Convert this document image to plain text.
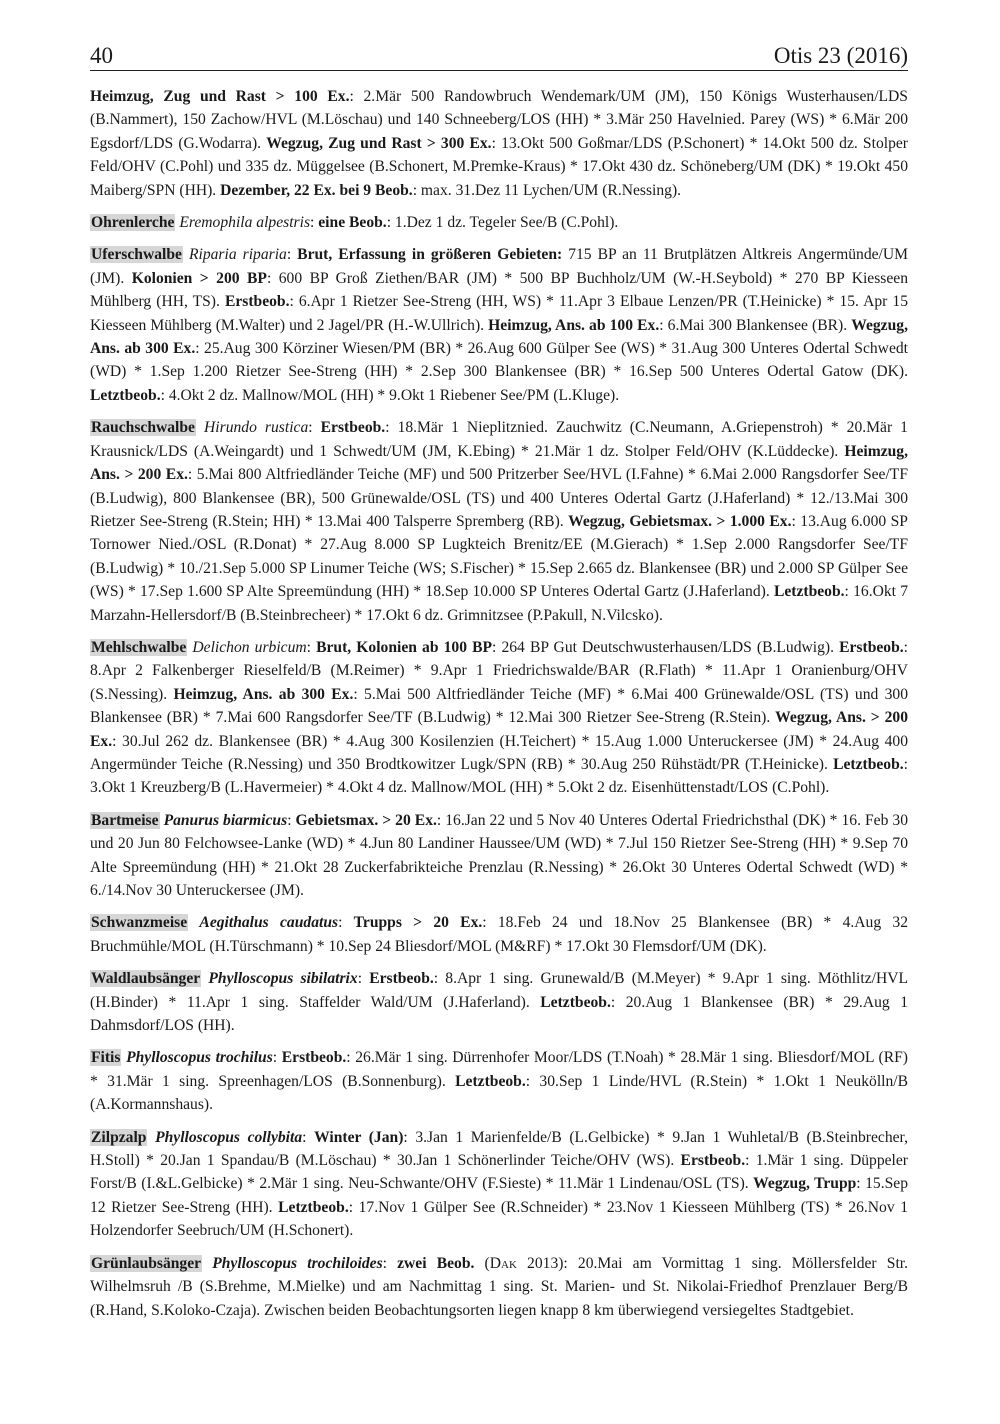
40	Otis 23 (2016)

Heimzug, Zug und Rast > 100 Ex.: 2.Mär 500 Randowbruch Wendemark/UM (JM), 150 Königs Wusterhausen/LDS (B.Nammert), 150 Zachow/HVL (M.Löschau) und 140 Schneeberg/LOS (HH) * 3.Mär 250 Havelnied. Parey (WS) * 6.Mär 200 Egsdorf/LDS (G.Wodarra). Wegzug, Zug und Rast > 300 Ex.: 13.Okt 500 Goßmar/LDS (P.Schonert) * 14.Okt 500 dz. Stolper Feld/OHV (C.Pohl) und 335 dz. Müggelsee (B.Schonert, M.Premke-Kraus) * 17.Okt 430 dz. Schöneberg/UM (DK) * 19.Okt 450 Maiberg/SPN (HH). Dezember, 22 Ex. bei 9 Beob.: max. 31.Dez 11 Lychen/UM (R.Nessing).

Ohrenlerche Eremophila alpestris: eine Beob.: 1.Dez 1 dz. Tegeler See/B (C.Pohl).

Uferschwalbe Riparia riparia: Brut, Erfassung in größeren Gebieten: 715 BP an 11 Brutplätzen Altkreis Angermünde/UM (JM). Kolonien > 200 BP: 600 BP Groß Ziethen/BAR (JM) * 500 BP Buchholz/UM (W.-H.Seybold) * 270 BP Kiesseen Mühlberg (HH, TS). Erstbeob.: 6.Apr 1 Rietzer See-Streng (HH, WS) * 11.Apr 3 Elbaue Lenzen/PR (T.Heinicke) * 15. Apr 15 Kiesseen Mühlberg (M.Walter) und 2 Jagel/PR (H.-W.Ullrich). Heimzug, Ans. ab 100 Ex.: 6.Mai 300 Blankensee (BR). Wegzug, Ans. ab 300 Ex.: 25.Aug 300 Körziner Wiesen/PM (BR) * 26.Aug 600 Gülper See (WS) * 31.Aug 300 Unteres Odertal Schwedt (WD) * 1.Sep 1.200 Rietzer See-Streng (HH) * 2.Sep 300 Blankensee (BR) * 16.Sep 500 Unteres Odertal Gatow (DK). Letztbeob.: 4.Okt 2 dz. Mallnow/MOL (HH) * 9.Okt 1 Riebener See/PM (L.Kluge).

Rauchschwalbe Hirundo rustica: Erstbeob.: 18.Mär 1 Nieplitznied. Zauchwitz (C.Neumann, A.Griepenstroh) * 20.Mär 1 Krausnick/LDS (A.Weingardt) und 1 Schwedt/UM (JM, K.Ebing) * 21.Mär 1 dz. Stolper Feld/OHV (K.Lüddecke). Heimzug, Ans. > 200 Ex.: 5.Mai 800 Altfriedländer Teiche (MF) und 500 Pritzerber See/HVL (I.Fahne) * 6.Mai 2.000 Rangsdorfer See/TF (B.Ludwig), 800 Blankensee (BR), 500 Grünewalde/OSL (TS) und 400 Unteres Odertal Gartz (J.Haferland) * 12./13.Mai 300 Rietzer See-Streng (R.Stein; HH) * 13.Mai 400 Talsperre Spremberg (RB). Wegzug, Gebietsmax. > 1.000 Ex.: 13.Aug 6.000 SP Tornower Nied./OSL (R.Donat) * 27.Aug 8.000 SP Lugkteich Brenitz/EE (M.Gierach) * 1.Sep 2.000 Rangsdorfer See/TF (B.Ludwig) * 10./21.Sep 5.000 SP Linumer Teiche (WS; S.Fischer) * 15.Sep 2.665 dz. Blankensee (BR) und 2.000 SP Gülper See (WS) * 17.Sep 1.600 SP Alte Spreemündung (HH) * 18.Sep 10.000 SP Unteres Odertal Gartz (J.Haferland). Letztbeob.: 16.Okt 7 Marzahn-Hellersdorf/B (B.Steinbrecheer) * 17.Okt 6 dz. Grimnitzsee (P.Pakull, N.Vilcsko).

Mehlschwalbe Delichon urbicum: Brut, Kolonien ab 100 BP: 264 BP Gut Deutschwusterhausen/LDS (B.Ludwig). Erstbeob.: 8.Apr 2 Falkenberger Rieselfeld/B (M.Reimer) * 9.Apr 1 Friedrichswalde/BAR (R.Flath) * 11.Apr 1 Oranienburg/OHV (S.Nessing). Heimzug, Ans. ab 300 Ex.: 5.Mai 500 Altfriedländer Teiche (MF) * 6.Mai 400 Grünewalde/OSL (TS) und 300 Blankensee (BR) * 7.Mai 600 Rangsdorfer See/TF (B.Ludwig) * 12.Mai 300 Rietzer See-Streng (R.Stein). Wegzug, Ans. > 200 Ex.: 30.Jul 262 dz. Blankensee (BR) * 4.Aug 300 Kosilenzien (H.Teichert) * 15.Aug 1.000 Unteruckersee (JM) * 24.Aug 400 Angermünder Teiche (R.Nessing) und 350 Brodtkowitzer Lugk/SPN (RB) * 30.Aug 250 Rühstädt/PR (T.Heinicke). Letztbeob.: 3.Okt 1 Kreuzberg/B (L.Havermeier) * 4.Okt 4 dz. Mallnow/MOL (HH) * 5.Okt 2 dz. Eisenhüttenstadt/LOS (C.Pohl).

Bartmeise Panurus biarmicus: Gebietsmax. > 20 Ex.: 16.Jan 22 und 5 Nov 40 Unteres Odertal Friedrichsthal (DK) * 16. Feb 30 und 20 Jun 80 Felchowsee-Lanke (WD) * 4.Jun 80 Landiner Haussee/UM (WD) * 7.Jul 150 Rietzer See-Streng (HH) * 9.Sep 70 Alte Spreemündung (HH) * 21.Okt 28 Zuckerfabrikteiche Prenzlau (R.Nessing) * 26.Okt 30 Unteres Odertal Schwedt (WD) * 6./14.Nov 30 Unteruckersee (JM).

Schwanzmeise Aegithalus caudatus: Trupps > 20 Ex.: 18.Feb 24 und 18.Nov 25 Blankensee (BR) * 4.Aug 32 Bruchmühle/MOL (H.Türschmann) * 10.Sep 24 Bliesdorf/MOL (M&RF) * 17.Okt 30 Flemsdorf/UM (DK).

Waldlaubsänger Phylloscopus sibilatrix: Erstbeob.: 8.Apr 1 sing. Grunewald/B (M.Meyer) * 9.Apr 1 sing. Möthlitz/HVL (H.Binder) * 11.Apr 1 sing. Staffelder Wald/UM (J.Haferland). Letztbeob.: 20.Aug 1 Blankensee (BR) * 29.Aug 1 Dahmsdorf/LOS (HH).

Fitis Phylloscopus trochilus: Erstbeob.: 26.Mär 1 sing. Dürrenhofer Moor/LDS (T.Noah) * 28.Mär 1 sing. Bliesdorf/MOL (RF) * 31.Mär 1 sing. Spreenhagen/LOS (B.Sonnenburg). Letztbeob.: 30.Sep 1 Linde/HVL (R.Stein) * 1.Okt 1 Neukölln/B (A.Kormannshaus).

Zilpzalp Phylloscopus collybita: Winter (Jan): 3.Jan 1 Marienfelde/B (L.Gelbicke) * 9.Jan 1 Wuhletal/B (B.Steinbrecher, H.Stoll) * 20.Jan 1 Spandau/B (M.Löschau) * 30.Jan 1 Schönerlinder Teiche/OHV (WS). Erstbeob.: 1.Mär 1 sing. Düppeler Forst/B (I.&L.Gelbicke) * 2.Mär 1 sing. Neu-Schwante/OHV (F.Sieste) * 11.Mär 1 Lindenau/OSL (TS). Wegzug, Trupp: 15.Sep 12 Rietzer See-Streng (HH). Letztbeob.: 17.Nov 1 Gülper See (R.Schneider) * 23.Nov 1 Kiesseen Mühlberg (TS) * 26.Nov 1 Holzendorfer Seebruch/UM (H.Schonert).

Grünlaubsänger Phylloscopus trochiloides: zwei Beob. (Dak 2013): 20.Mai am Vormittag 1 sing. Möllersfelder Str. Wilhelmsruh /B (S.Brehme, M.Mielke) und am Nachmittag 1 sing. St. Marien- und St. Nikolai-Friedhof Prenzlauer Berg/B (R.Hand, S.Koloko-Czaja). Zwischen beiden Beobachtungsorten liegen knapp 8 km überwiegend versiegeltes Stadtgebiet.
